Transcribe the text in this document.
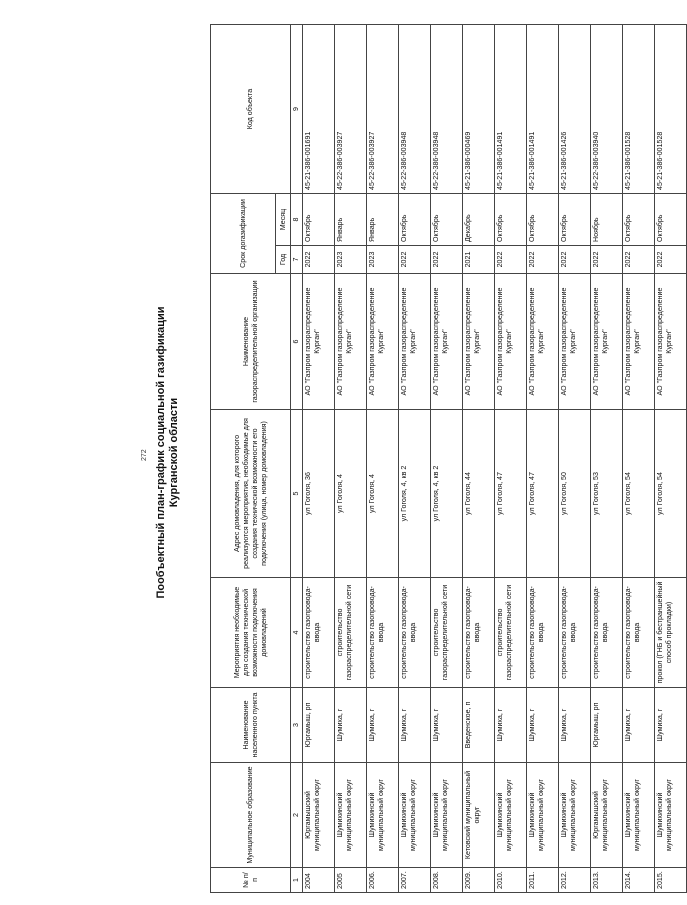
272 Пообъектный план-график социальной газификации Курганской области
№ п/п	Муниципальное образование	Наименование населенного пункта	Мероприятия необходимые для создания технической возможности подключения домовладений	Адрес домовладения, для которого реализуются мероприятия, необходимые для создания технической возможности его подключения (улица, номер домовладения)	Наименование газораспределительной организации	Срок догазификации		Код объекта
						Год	Месяц	
1	2	3	4	5	6	7	8	9
2004	Юргамышский муниципальный округ	Юргамыш, рп	строительство газопровода-ввода	ул Гоголя, 36	АО "Газпром газораспределение Курган"	2022	Октябрь	45-21-386-001691
2005	Шумихинский муниципальный округ	Шумиха, г	строительство газораспределительной сети	ул Гоголя, 4	АО "Газпром газораспределение Курган"	2023	Январь	45-22-386-003927
2006.	Шумихинский муниципальный округ	Шумиха, г	строительство газопровода-ввода	ул Гоголя, 4	АО "Газпром газораспределение Курган"	2023	Январь	45-22-386-003927
2007.	Шумихинский муниципальный округ	Шумиха, г	строительство газопровода-ввода	ул Гоголя, 4, кв 2	АО "Газпром газораспределение Курган"	2022	Октябрь	45-22-386-003948
2008.	Шумихинский муниципальный округ	Шумиха, г	строительство газораспределительной сети	ул Гоголя, 4, кв 2	АО "Газпром газораспределение Курган"	2022	Октябрь	45-22-386-003948
2009.	Кетовский муниципальный округ	Введенское, п	строительство газопровода-ввода	ул Гоголя, 44	АО "Газпром газораспределение Курган"	2021	Декабрь	45-21-386-000469
2010.	Шумихинский муниципальный округ	Шумиха, г	строительство газораспределительной сети	ул Гоголя, 47	АО "Газпром газораспределение Курган"	2022	Октябрь	45-21-386-001491
2011.	Шумихинский муниципальный округ	Шумиха, г	строительство газопровода-ввода	ул Гоголя, 47	АО "Газпром газораспределение Курган"	2022	Октябрь	45-21-386-001491
2012.	Шумихинский муниципальный округ	Шумиха, г	строительство газопровода-ввода	ул Гоголя, 50	АО "Газпром газораспределение Курган"	2022	Октябрь	45-21-386-001426
2013.	Юргамышский муниципальный округ	Юргамыш, рп	строительство газопровода-ввода	ул Гоголя, 53	АО "Газпром газораспределение Курган"	2022	Ноябрь	45-22-386-003940
2014.	Шумихинский муниципальный округ	Шумиха, г	строительство газопровода-ввода	ул Гоголя, 54	АО "Газпром газораспределение Курган"	2022	Октябрь	45-21-386-001528
2015.	Шумихинский муниципальный округ	Шумиха, г	прокол (ГНБ и бестраншейный способ прокладки)	ул Гоголя, 54	АО "Газпром газораспределение Курган"	2022	Октябрь	45-21-386-001528
